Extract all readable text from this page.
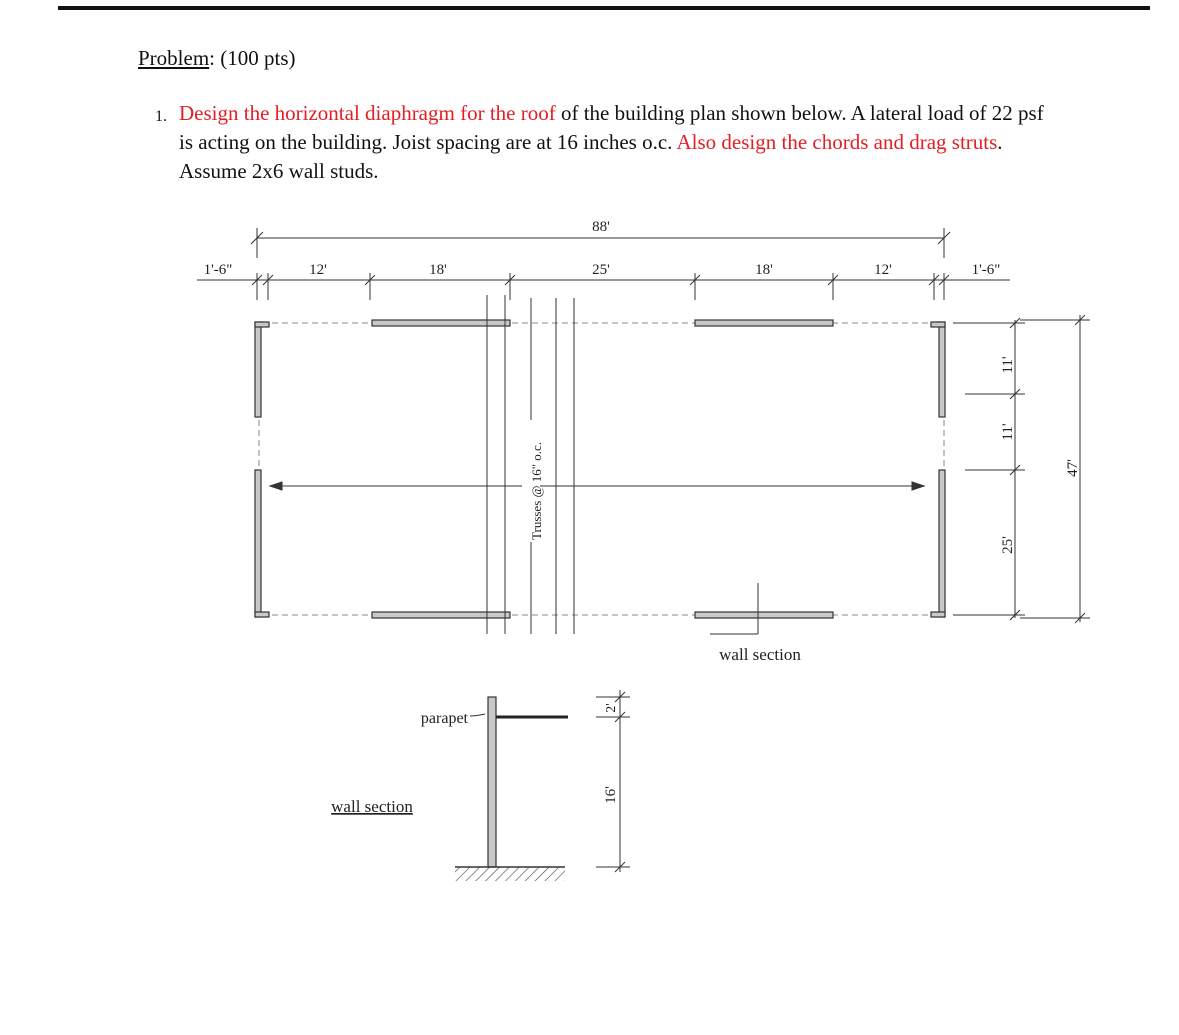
Problem: (100 pts)
1. Design the horizontal diaphragm for the roof of the building plan shown below. A lateral load of 22 psf is acting on the building. Joist spacing are at 16 inches o.c. Also design the chords and drag struts. Assume 2x6 wall studs.
88'
1'-6"	12'	18'	25'	18'	12'	1'-6"
Trusses @ 16" o.c.
wall section
11'
11'
25'
47'
parapet
wall section
2'
16'
